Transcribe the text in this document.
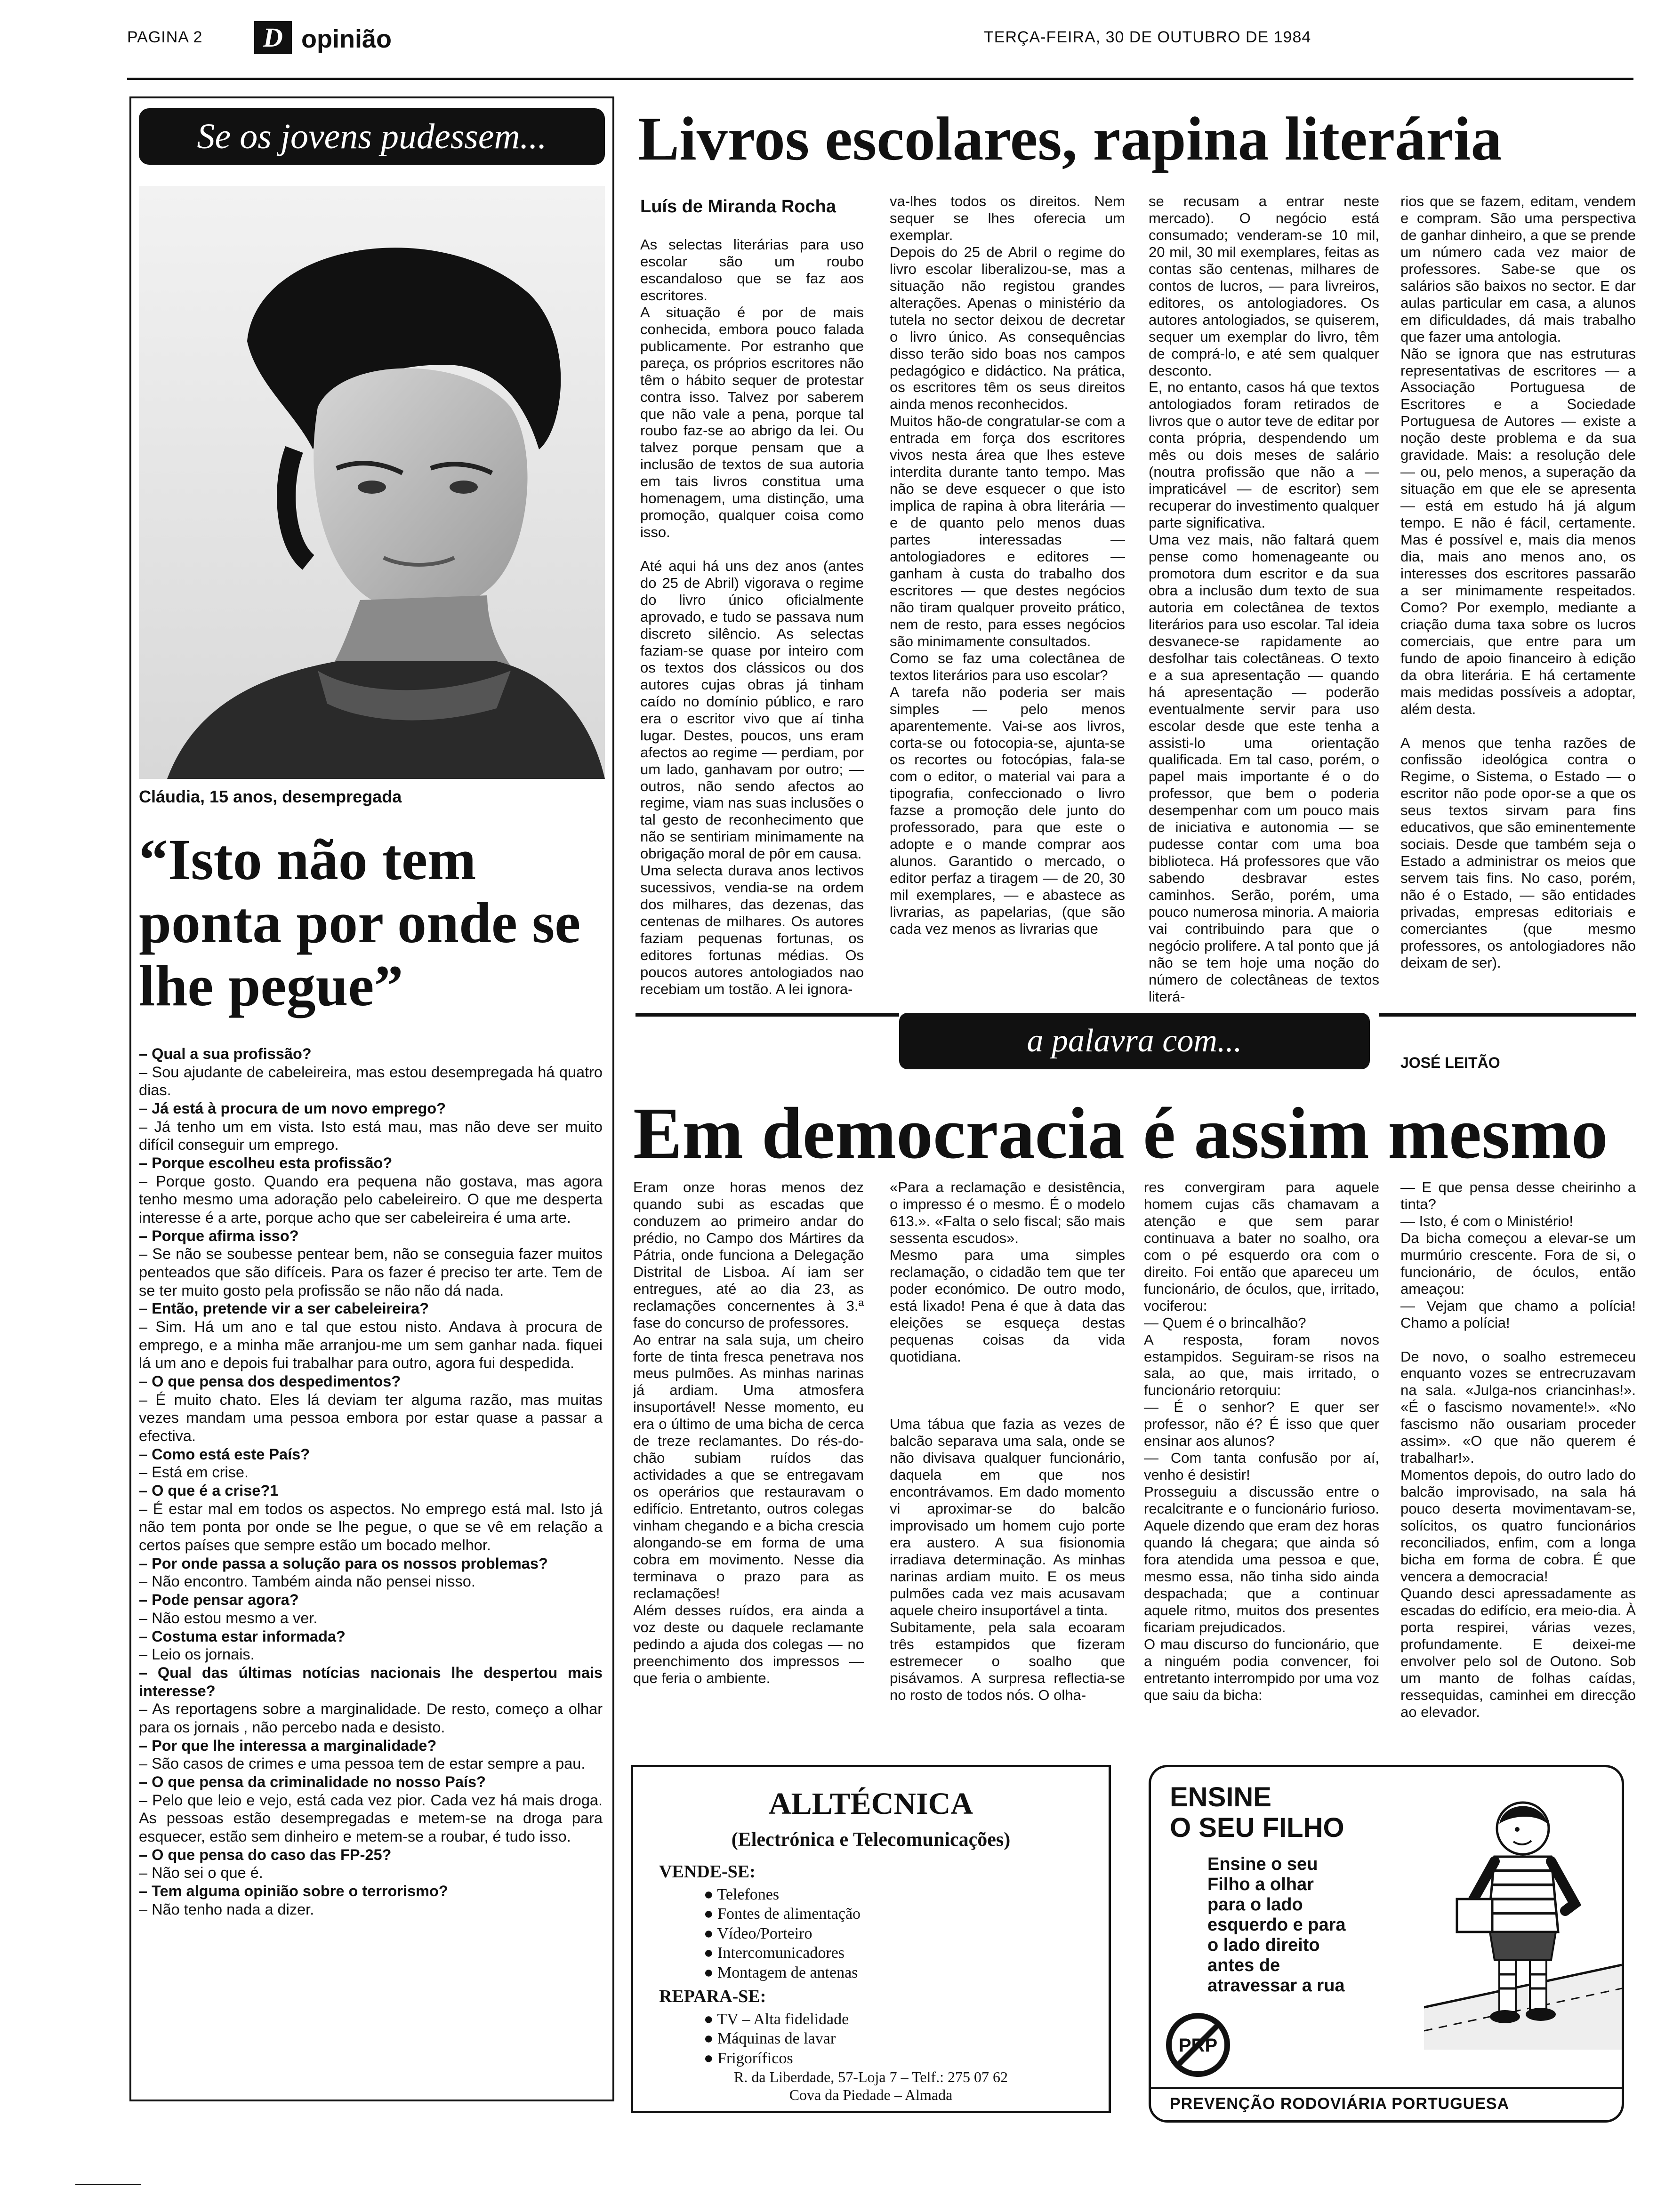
PAGINA 2 D opinião	TERÇA-FEIRA, 30 DE OUTUBRO DE 1984
Se os jovens pudessem...
Cláudia, 15 anos, desempregada
“Isto não tem ponta por onde se lhe pegue”

– Qual a sua profissão?

– Sou ajudante de cabeleireira, mas estou desempregada há quatro dias.

– Já está à procura de um novo emprego?

– Já tenho um em vista. Isto está mau, mas não deve ser muito difícil conseguir um emprego.

– Porque escolheu esta profissão?

– Porque gosto. Quando era pequena não gostava, mas agora tenho mesmo uma adoração pelo cabeleireiro. O que me desperta interesse é a arte, porque acho que ser cabeleireira é uma arte.

– Porque afirma isso?

– Se não se soubesse pentear bem, não se conseguia fazer muitos penteados que são difíceis. Para os fazer é preciso ter arte. Tem de se ter muito gosto pela profissão se não não dá nada.

– Então, pretende vir a ser cabeleireira?

– Sim. Há um ano e tal que estou nisto. Andava à procura de emprego, e a minha mãe arranjou-me um sem ganhar nada. fiquei lá um ano e depois fui trabalhar para outro, agora fui despedida.

– O que pensa dos despedimentos?

– É muito chato. Eles lá deviam ter alguma razão, mas muitas vezes mandam uma pessoa embora por estar quase a passar a efectiva.

– Como está este País?

– Está em crise.

– O que é a crise?1

– É estar mal em todos os aspectos. No emprego está mal. Isto já não tem ponta por onde se lhe pegue, o que se vê em relação a certos países que sempre estão um bocado melhor.

– Por onde passa a solução para os nossos problemas?

– Não encontro. Também ainda não pensei nisso.

– Pode pensar agora?

– Não estou mesmo a ver.

– Costuma estar informada?

– Leio os jornais.

– Qual das últimas notícias nacionais lhe despertou mais interesse?

– As reportagens sobre a marginalidade. De resto, começo a olhar para os jornais , não percebo nada e desisto.

– Por que lhe interessa a marginalidade?

– São casos de crimes e uma pessoa tem de estar sempre a pau.

– O que pensa da criminalidade no nosso País?

– Pelo que leio e vejo, está cada vez pior. Cada vez há mais droga. As pessoas estão desempregadas e metem-se na droga para esquecer, estão sem dinheiro e metem-se a roubar, é tudo isso.

– O que pensa do caso das FP-25?

– Não sei o que é.

– Tem alguma opinião sobre o terrorismo?

– Não tenho nada a dizer.

Livros escolares, rapina literária
Luís de Miranda Rocha
As selectas literárias para uso escolar são um roubo escandaloso que se faz aos escritores.
A situação é por de mais conhecida, embora pouco falada publicamente. Por estranho que pareça, os próprios escritores não têm o hábito sequer de protestar contra isso. Talvez por saberem que não vale a pena, porque tal roubo faz-se ao abrigo da lei. Ou talvez porque pensam que a inclusão de textos de sua autoria em tais livros constitua uma homenagem, uma distinção, uma promoção, qualquer coisa como isso.

Até aqui há uns dez anos (antes do 25 de Abril) vigorava o regime do livro único oficialmente aprovado, e tudo se passava num discreto silêncio. As selectas faziam-se quase por inteiro com os textos dos clássicos ou dos autores cujas obras já tinham caído no domínio público, e raro era o escritor vivo que aí tinha lugar. Destes, poucos, uns eram afectos ao regime — perdiam, por um lado, ganhavam por outro; — outros, não sendo afectos ao regime, viam nas suas inclusões o tal gesto de reconhecimento que não se sentiriam minimamente na obrigação moral de pôr em causa.
Uma selecta durava anos lectivos sucessivos, vendia-se na ordem dos milhares, das dezenas, das centenas de milhares. Os autores faziam pequenas fortunas, os editores fortunas médias. Os poucos autores antologiados nao recebiam um tostão. A lei ignora-
va-lhes todos os direitos. Nem sequer se lhes oferecia um exemplar.
Depois do 25 de Abril o regime do livro escolar liberalizou-se, mas a situação não registou grandes alterações. Apenas o ministério da tutela no sector deixou de decretar o livro único. As consequências disso terão sido boas nos campos pedagógico e didáctico. Na prática, os escritores têm os seus direitos ainda menos reconhecidos.
Muitos hão-de congratular-se com a entrada em força dos escritores vivos nesta área que lhes esteve interdita durante tanto tempo. Mas não se deve esquecer o que isto implica de rapina à obra literária — e de quanto pelo menos duas partes interessadas — antologiadores e editores — ganham à custa do trabalho dos escritores — que destes negócios não tiram qualquer proveito prático, nem de resto, para esses negócios são minimamente consultados.
Como se faz uma colectânea de textos literários para uso escolar?
A tarefa não poderia ser mais simples — pelo menos aparentemente. Vai-se aos livros, corta-se ou fotocopia-se, ajunta-se os recortes ou fotocópias, fala-se com o editor, o material vai para a tipografia, confeccionado o livro fazse a promoção dele junto do professorado, para que este o adopte e o mande comprar aos alunos. Garantido o mercado, o editor perfaz a tiragem — de 20, 30 mil exemplares, — e abastece as livrarias, as papelarias, (que são cada vez menos as livrarias que
se recusam a entrar neste mercado). O negócio está consumado; venderam-se 10 mil, 20 mil, 30 mil exemplares, feitas as contas são centenas, milhares de contos de lucros, — para livreiros, editores, os antologiadores. Os autores antologiados, se quiserem, sequer um exemplar do livro, têm de comprá-lo, e até sem qualquer desconto.
E, no entanto, casos há que textos antologiados foram retirados de livros que o autor teve de editar por conta própria, despendendo um mês ou dois meses de salário (noutra profissão que não a — impraticável — de escritor) sem recuperar do investimento qualquer parte significativa.
Uma vez mais, não faltará quem pense como homenageante ou promotora dum escritor e da sua obra a inclusão dum texto de sua autoria em colectânea de textos literários para uso escolar. Tal ideia desvanece-se rapidamente ao desfolhar tais colectâneas. O texto e a sua apresentação — quando há apresentação — poderão eventualmente servir para uso escolar desde que este tenha a assisti-lo uma orientação qualificada. Em tal caso, porém, o papel mais importante é o do professor, que bem o poderia desempenhar com um pouco mais de iniciativa e autonomia — se pudesse contar com uma boa biblioteca. Há professores que vão sabendo desbravar estes caminhos. Serão, porém, uma pouco numerosa minoria. A maioria vai contribuindo para que o negócio prolifere. A tal ponto que já não se tem hoje uma noção do número de colectâneas de textos literá-
rios que se fazem, editam, vendem e compram. São uma perspectiva de ganhar dinheiro, a que se prende um número cada vez maior de professores. Sabe-se que os salários são baixos no sector. E dar aulas particular em casa, a alunos em dificuldades, dá mais trabalho que fazer uma antologia.
Não se ignora que nas estruturas representativas de escritores — a Associação Portuguesa de Escritores e a Sociedade Portuguesa de Autores — existe a noção deste problema e da sua gravidade. Mais: a resolução dele — ou, pelo menos, a superação da situação em que ele se apresenta — está em estudo há já algum tempo. E não é fácil, certamente. Mas é possível e, mais dia menos dia, mais ano menos ano, os interesses dos escritores passarão a ser minimamente respeitados. Como? Por exemplo, mediante a criação duma taxa sobre os lucros comerciais, que entre para um fundo de apoio financeiro à edição da obra literária. E há certamente mais medidas possíveis a adoptar, além desta.

A menos que tenha razões de confissão ideológica contra o Regime, o Sistema, o Estado — o escritor não pode opor-se a que os seus textos sirvam para fins educativos, que são eminentemente sociais. Desde que também seja o Estado a administrar os meios que servem tais fins. No caso, porém, não é o Estado, — são entidades privadas, empresas editoriais e comerciantes (que mesmo professores, os antologiadores não deixam de ser).
a palavra com...
JOSÉ LEITÃO
Em democracia é assim mesmo
Eram onze horas menos dez quando subi as escadas que conduzem ao primeiro andar do prédio, no Campo dos Mártires da Pátria, onde funciona a Delegação Distrital de Lisboa. Aí iam ser entregues, até ao dia 23, as reclamações concernentes à 3.ª fase do concurso de professores.
Ao entrar na sala suja, um cheiro forte de tinta fresca penetrava nos meus pulmões. As minhas narinas já ardiam. Uma atmosfera insuportável! Nesse momento, eu era o último de uma bicha de cerca de treze reclamantes. Do rés-do-chão subiam ruídos das actividades a que se entregavam os operários que restauravam o edifício. Entretanto, outros colegas vinham chegando e a bicha crescia alongando-se em forma de uma cobra em movimento. Nesse dia terminava o prazo para as reclamações!
Além desses ruídos, era ainda a voz deste ou daquele reclamante pedindo a ajuda dos colegas — no preenchimento dos impressos — que feria o ambiente.
«Para a reclamação e desistência, o impresso é o mesmo. É o modelo 613.». «Falta o selo fiscal; são mais sessenta escudos».
Mesmo para uma simples reclamação, o cidadão tem que ter poder económico. De outro modo, está lixado! Pena é que à data das eleições se esqueça destas pequenas coisas da vida quotidiana.

Uma tábua que fazia as vezes de balcão separava uma sala, onde se não divisava qualquer funcionário, daquela em que nos encontrávamos. Em dado momento vi aproximar-se do balcão improvisado um homem cujo porte era austero. A sua fisionomia irradiava determinação. As minhas narinas ardiam muito. E os meus pulmões cada vez mais acusavam aquele cheiro insuportável a tinta.
Subitamente, pela sala ecoaram três estampidos que fizeram estremecer o soalho que pisávamos. A surpresa reflectia-se no rosto de todos nós. O olha-
res convergiram para aquele homem cujas cãs chamavam a atenção e que sem parar continuava a bater no soalho, ora com o pé esquerdo ora com o direito. Foi então que apareceu um funcionário, de óculos, que, irritado, vociferou:
— Quem é o brincalhão?
A resposta, foram novos estampidos. Seguiram-se risos na sala, ao que, mais irritado, o funcionário retorquiu:
— É o senhor? E quer ser professor, não é? É isso que quer ensinar aos alunos?
— Com tanta confusão por aí, venho é desistir!
Prosseguiu a discussão entre o recalcitrante e o funcionário furioso. Aquele dizendo que eram dez horas quando lá chegara; que ainda só fora atendida uma pessoa e que, mesmo essa, não tinha sido ainda despachada; que a continuar aquele ritmo, muitos dos presentes ficariam prejudicados.
O mau discurso do funcionário, que a ninguém podia convencer, foi entretanto interrompido por uma voz que saiu da bicha:
— E que pensa desse cheirinho a tinta?
— Isto, é com o Ministério!
Da bicha começou a elevar-se um murmúrio crescente. Fora de si, o funcionário, de óculos, então ameaçou:
— Vejam que chamo a polícia! Chamo a polícia!

De novo, o soalho estremeceu enquanto vozes se entrecruzavam na sala. «Julga-nos criancinhas!». «É o fascismo novamente!». «No fascismo não ousariam proceder assim». «O que não querem é trabalhar!».
Momentos depois, do outro lado do balcão improvisado, na sala há pouco deserta movimentavam-se, solícitos, os quatro funcionários reconciliados, enfim, com a longa bicha em forma de cobra. É que vencera a democracia!
Quando desci apressadamente as escadas do edifício, era meio-dia. À porta respirei, várias vezes, profundamente. E deixei-me envolver pelo sol de Outono. Sob um manto de folhas caídas, ressequidas, caminhei em direcção ao elevador.
ALLTÉCNICA
(Electrónica e Telecomunicações)
VENDE-SE:
● Telefones
● Fontes de alimentação
● Vídeo/Porteiro
● Intercomunicadores
● Montagem de antenas
REPARA-SE:
● TV – Alta fidelidade
● Máquinas de lavar
● Frigoríficos
R. da Liberdade, 57-Loja 7 – Telf.: 275 07 62
Cova da Piedade – Almada
ENSINE
O SEU FILHO
Ensine o seu
Filho a olhar
para o lado
esquerdo e para
o lado direito
antes de
atravessar a rua
PRP
PREVENÇÃO RODOVIÁRIA PORTUGUESA
